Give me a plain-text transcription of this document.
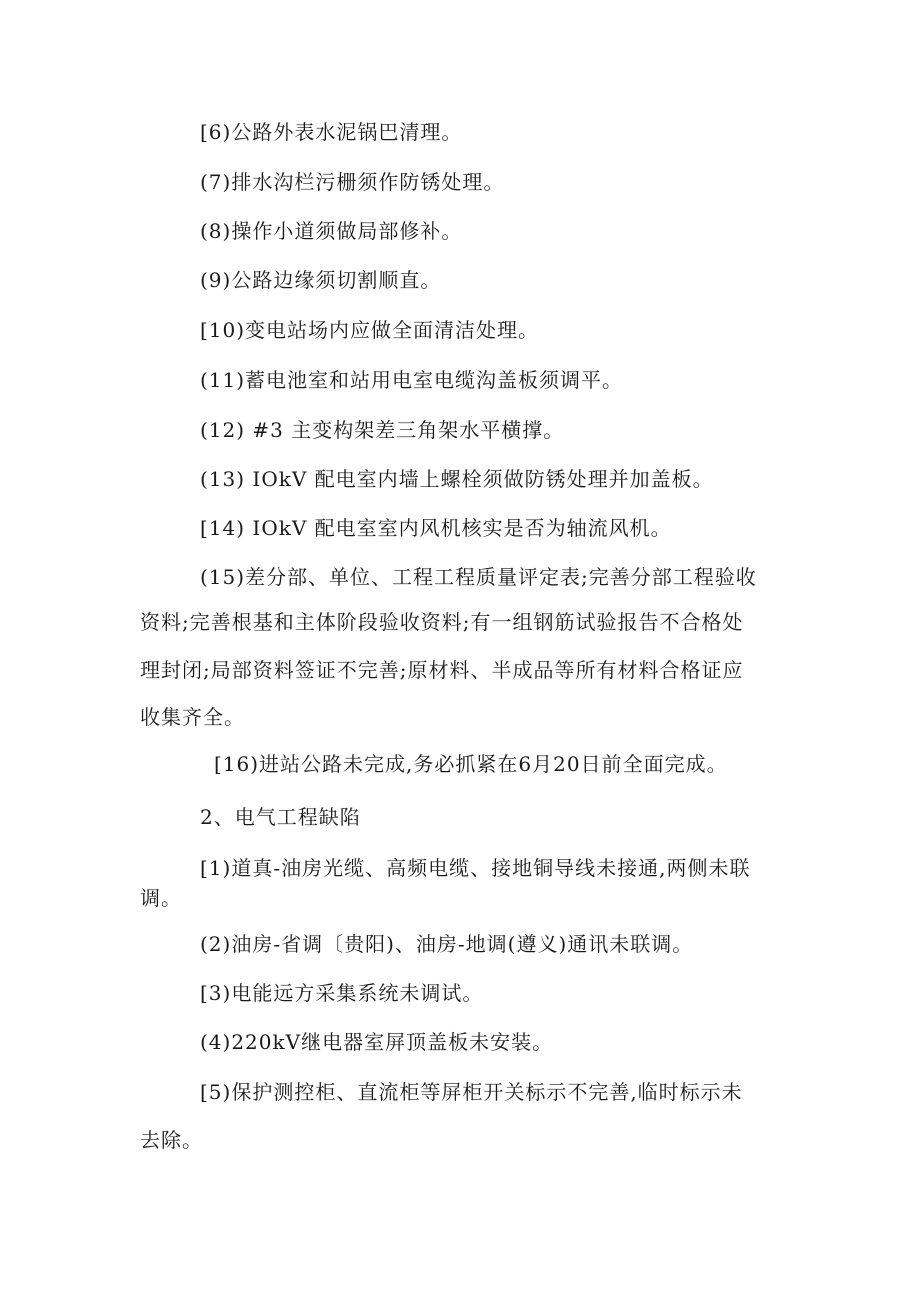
[6)公路外表水泥锅巴清理。
(7)排水沟栏污栅须作防锈处理。
(8)操作小道须做局部修补。
(9)公路边缘须切割顺直。
[10)变电站场内应做全面清洁处理。
(11)蓄电池室和站用电室电缆沟盖板须调平。
(12) #3 主变构架差三角架水平横撑。
(13) IOkV 配电室内墙上螺栓须做防锈处理并加盖板。
[14) IOkV 配电室室内风机核实是否为轴流风机。
(15)差分部、单位、工程工程质量评定表;完善分部工程验收
资料;完善根基和主体阶段验收资料;有一组钢筋试验报告不合格处
理封闭;局部资料签证不完善;原材料、半成品等所有材料合格证应
收集齐全。
[16)进站公路未完成,务必抓紧在6月20日前全面完成。
2、电气工程缺陷
[1)道真-油房光缆、高频电缆、接地铜导线未接通,两侧未联
调。
(2)油房-省调〔贵阳)、油房-地调(遵义)通讯未联调。
[3)电能远方采集系统未调试。
(4)220kV继电器室屏顶盖板未安装。
[5)保护测控柜、直流柜等屏柜开关标示不完善,临时标示未
去除。
